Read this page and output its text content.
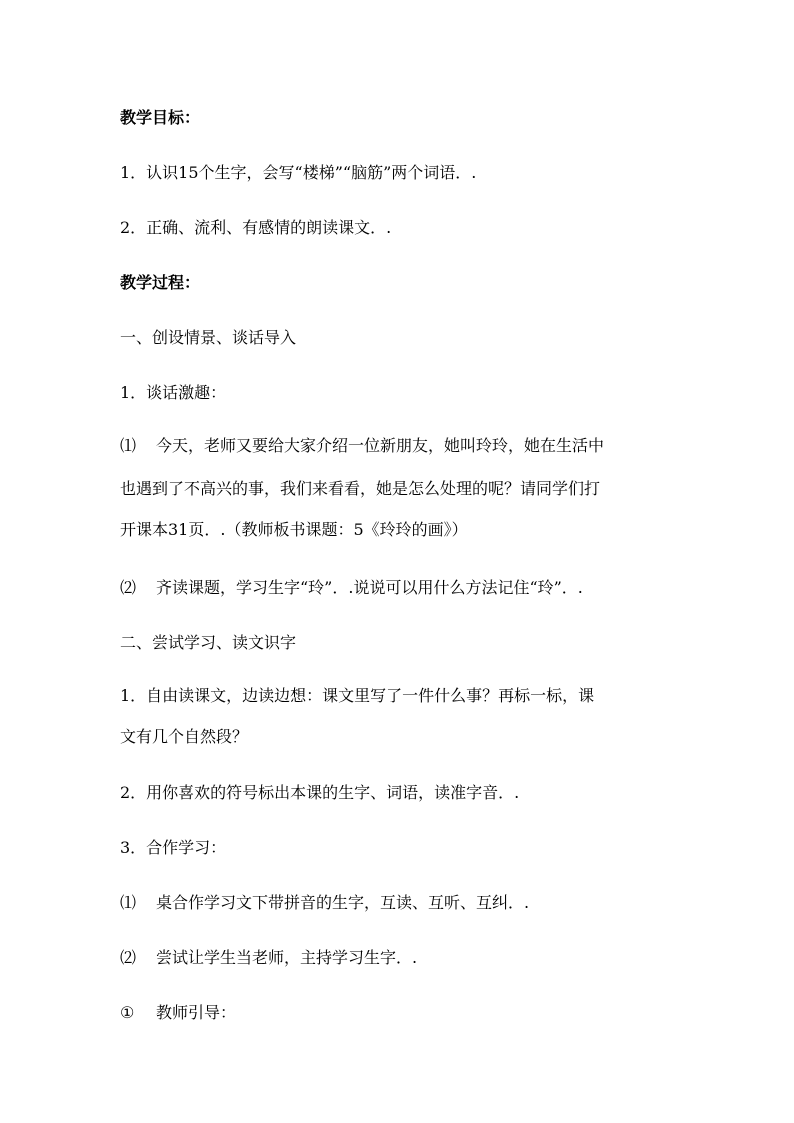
教学目标：
1．认识15个生字，会写“楼梯”“脑筋”两个词语．.
2．正确、流利、有感情的朗读课文．.
教学过程：
一、创设情景、谈话导入
1．谈话激趣：
⑴ 今天，老师又要给大家介绍一位新朋友，她叫玲玲，她在生活中
也遇到了不高兴的事，我们来看看，她是怎么处理的呢？请同学们打
开课本31页．.（教师板书课题：5《玲玲的画》）
⑵ 齐读课题，学习生字“玲”．.说说可以用什么方法记住“玲”．.
二、尝试学习、读文识字
1．自由读课文，边读边想：课文里写了一件什么事？再标一标，课
文有几个自然段？
2．用你喜欢的符号标出本课的生字、词语，读准字音．.
3．合作学习：
⑴ 桌合作学习文下带拼音的生字，互读、互听、互纠．.
⑵ 尝试让学生当老师，主持学习生字．.
① 教师引导：
